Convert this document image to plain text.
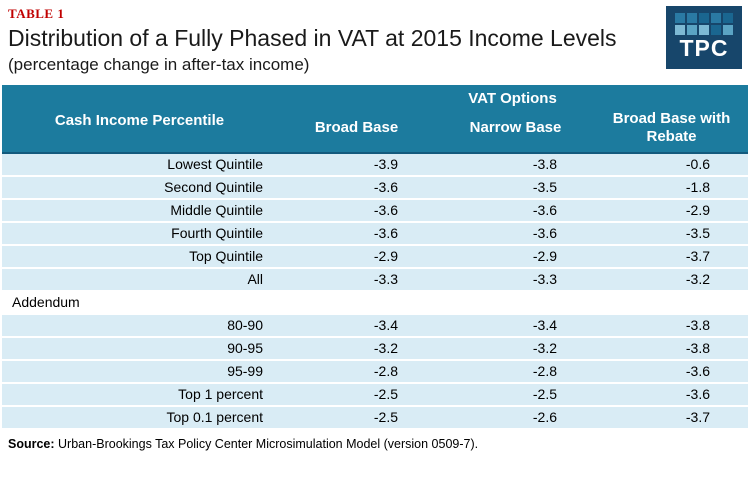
TABLE 1
Distribution of a Fully Phased in VAT at 2015 Income Levels
(percentage change in after-tax income)
TPC
Cash Income Percentile	VAT Options		
	Broad Base	Narrow Base	Broad Base with Rebate
Lowest Quintile	-3.9	-3.8	-0.6
Second Quintile	-3.6	-3.5	-1.8
Middle Quintile	-3.6	-3.6	-2.9
Fourth Quintile	-3.6	-3.6	-3.5
Top Quintile	-2.9	-2.9	-3.7
All	-3.3	-3.3	-3.2
Addendum			
80-90	-3.4	-3.4	-3.8
90-95	-3.2	-3.2	-3.8
95-99	-2.8	-2.8	-3.6
Top 1 percent	-2.5	-2.5	-3.6
Top 0.1 percent	-2.5	-2.6	-3.7
Source: Urban-Brookings Tax Policy Center Microsimulation Model (version 0509-7).
